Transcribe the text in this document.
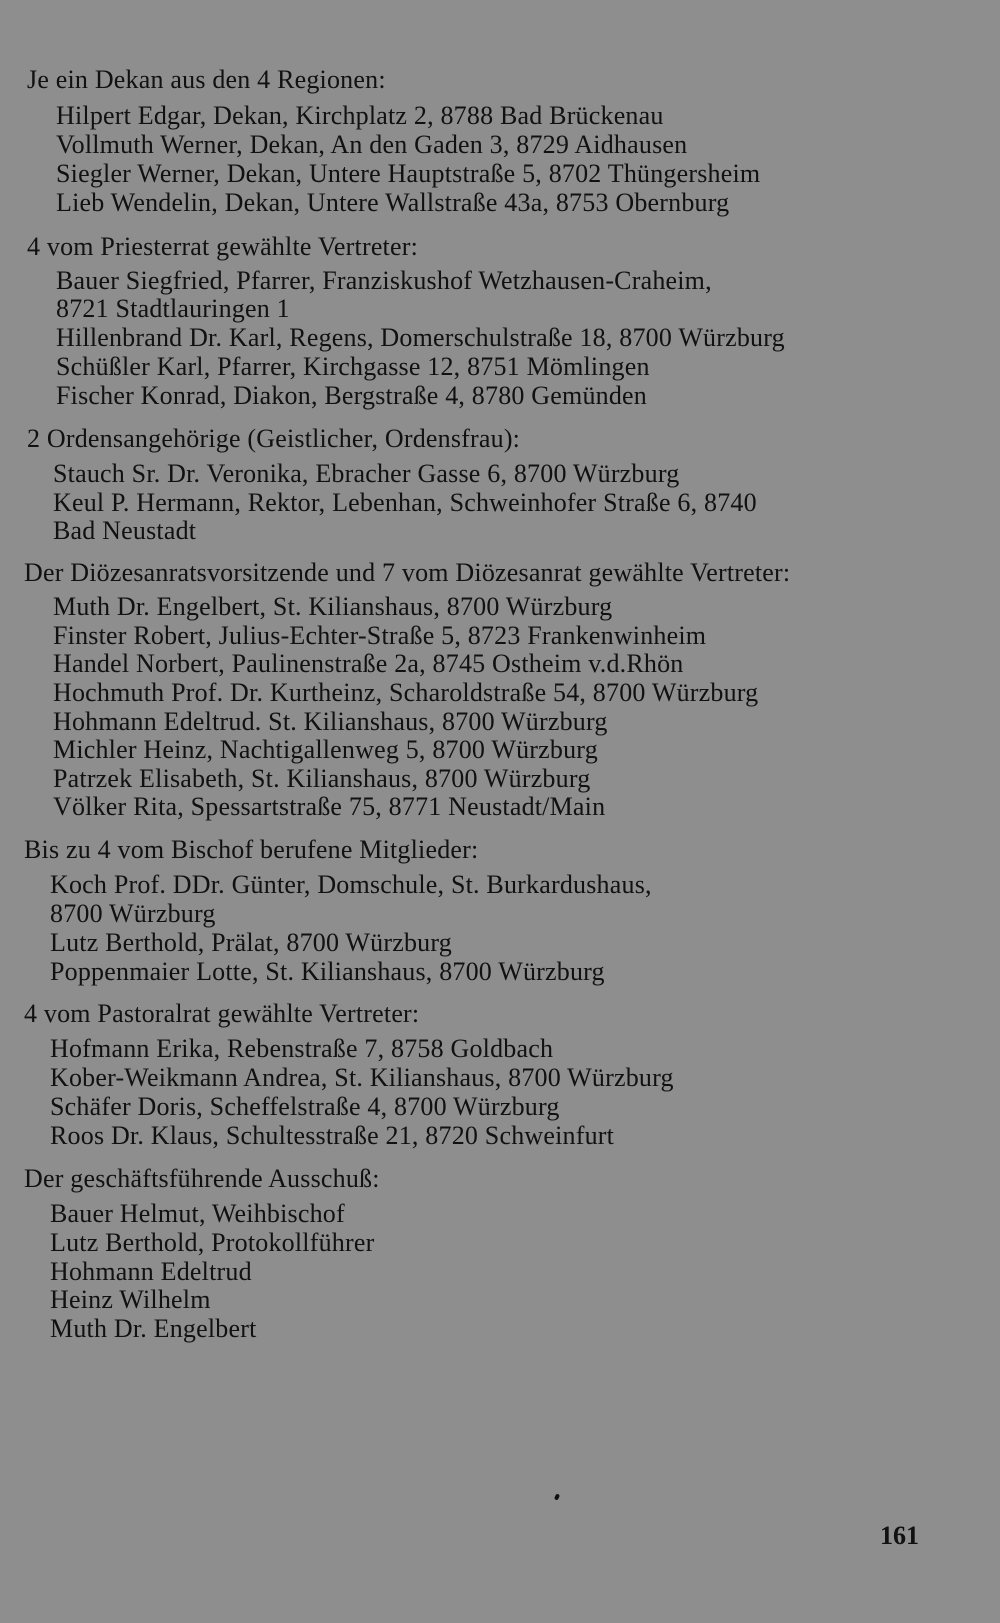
Je ein Dekan aus den 4 Regionen:
Hilpert Edgar, Dekan, Kirchplatz 2, 8788 Bad Brückenau
Vollmuth Werner, Dekan, An den Gaden 3, 8729 Aidhausen
Siegler Werner, Dekan, Untere Hauptstraße 5, 8702 Thüngersheim
Lieb Wendelin, Dekan, Untere Wallstraße 43a, 8753 Obernburg
4 vom Priesterrat gewählte Vertreter:
Bauer Siegfried, Pfarrer, Franziskushof Wetzhausen-Craheim,
8721 Stadtlauringen 1
Hillenbrand Dr. Karl, Regens, Domerschulstraße 18, 8700 Würzburg
Schüßler Karl, Pfarrer, Kirchgasse 12, 8751 Mömlingen
Fischer Konrad, Diakon, Bergstraße 4, 8780 Gemünden
2 Ordensangehörige (Geistlicher, Ordensfrau):
Stauch Sr. Dr. Veronika, Ebracher Gasse 6, 8700 Würzburg
Keul P. Hermann, Rektor, Lebenhan, Schweinhofer Straße 6, 8740
Bad Neustadt
Der Diözesanratsvorsitzende und 7 vom Diözesanrat gewählte Vertreter:
Muth Dr. Engelbert, St. Kilianshaus, 8700 Würzburg
Finster Robert, Julius-Echter-Straße 5, 8723 Frankenwinheim
Handel Norbert, Paulinenstraße 2a, 8745 Ostheim v.d.Rhön
Hochmuth Prof. Dr. Kurtheinz, Scharoldstraße 54, 8700 Würzburg
Hohmann Edeltrud. St. Kilianshaus, 8700 Würzburg
Michler Heinz, Nachtigallenweg 5, 8700 Würzburg
Patrzek Elisabeth, St. Kilianshaus, 8700 Würzburg
Völker Rita, Spessartstraße 75, 8771 Neustadt/Main
Bis zu 4 vom Bischof berufene Mitglieder:
Koch Prof. DDr. Günter, Domschule, St. Burkardushaus,
8700 Würzburg
Lutz Berthold, Prälat, 8700 Würzburg
Poppenmaier Lotte, St. Kilianshaus, 8700 Würzburg
4 vom Pastoralrat gewählte Vertreter:
Hofmann Erika, Rebenstraße 7, 8758 Goldbach
Kober-Weikmann Andrea, St. Kilianshaus, 8700 Würzburg
Schäfer Doris, Scheffelstraße 4, 8700 Würzburg
Roos Dr. Klaus, Schultesstraße 21, 8720 Schweinfurt
Der geschäftsführende Ausschuß:
Bauer Helmut, Weihbischof
Lutz Berthold, Protokollführer
Hohmann Edeltrud
Heinz Wilhelm
Muth Dr. Engelbert
161
